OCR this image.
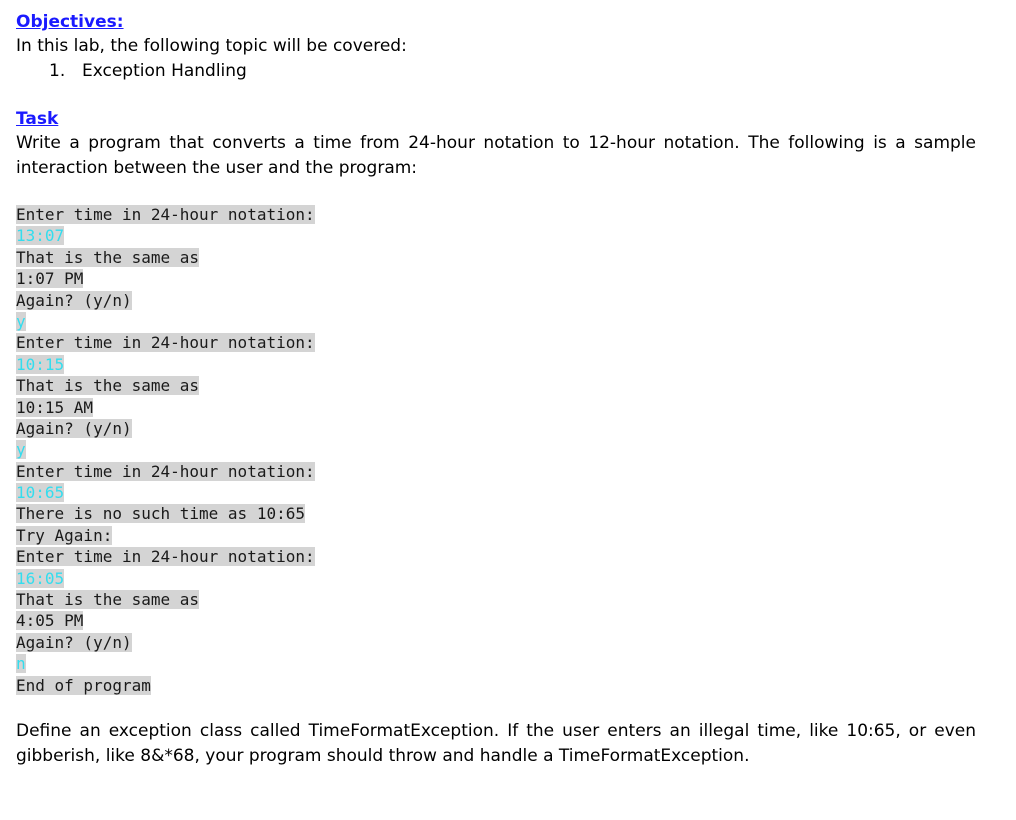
Objectives:

In this lab, the following topic will be covered:

1. Exception Handling
Task

Write a program that converts a time from 24-hour notation to 12-hour notation. The following is a sample interaction between the user and the program:

Enter time in 24-hour notation:
13:07
That is the same as
1:07 PM
Again? (y/n)
y
Enter time in 24-hour notation:
10:15
That is the same as
10:15 AM
Again? (y/n)
y
Enter time in 24-hour notation:
10:65
There is no such time as 10:65
Try Again:
Enter time in 24-hour notation:
16:05
That is the same as
4:05 PM
Again? (y/n)
n
End of program

Define an exception class called TimeFormatException. If the user enters an illegal time, like 10:65, or even gibberish, like 8&*68, your program should throw and handle a TimeFormatException.
